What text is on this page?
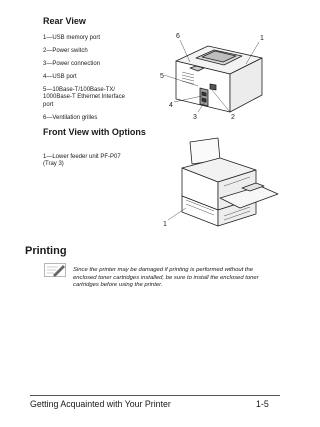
Rear View
1—USB memory port
2—Power switch
3—Power connection
4—USB port
5—10Base-T/100Base-TX/
1000Base-T Ethernet Interface
port
6—Ventilation grilles
6	1
5
4
3	2
Front View with Options

1—Lower feeder unit PF-P07
(Tray 3)

1
Printing
Since the printer may be damaged if printing is performed without the enclosed toner cartridges installed, be sure to install the enclosed toner cartridges before using the printer.
Getting Acquainted with Your Printer	1-5
